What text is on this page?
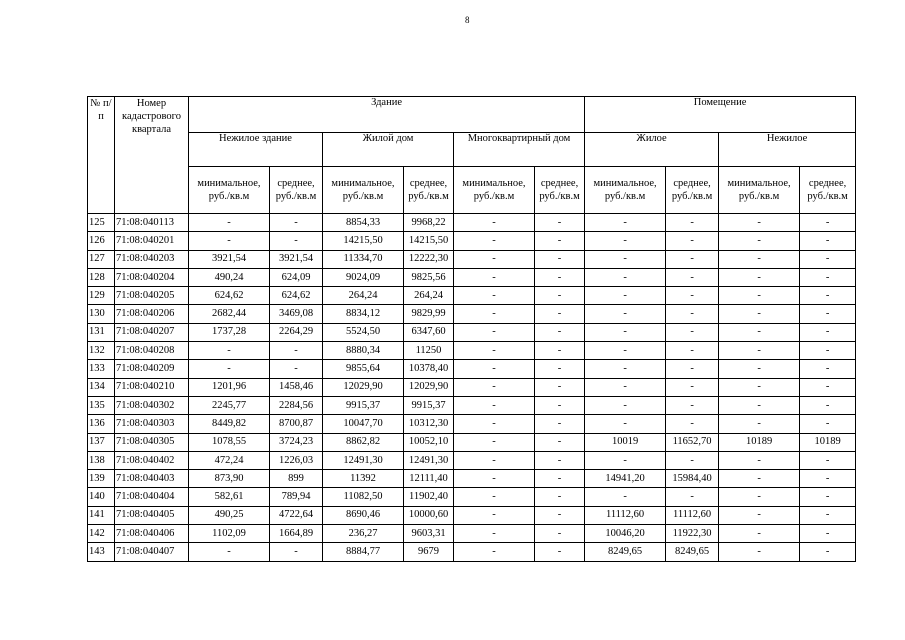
8
№ п/п	Номер кадастрового квартала	Здание						Помещение			
		Нежилое здание		Жилой дом		Многоквартирный дом		Жилое		Нежилое	
		минимальное, руб./кв.м	среднее, руб./кв.м	минимальное, руб./кв.м	среднее, руб./кв.м	минимальное, руб./кв.м	среднее, руб./кв.м	минимальное, руб./кв.м	среднее, руб./кв.м	минимальное, руб./кв.м	среднее, руб./кв.м
125	71:08:040113	-	-	8854,33	9968,22	-	-	-	-	-	-
126	71:08:040201	-	-	14215,50	14215,50	-	-	-	-	-	-
127	71:08:040203	3921,54	3921,54	11334,70	12222,30	-	-	-	-	-	-
128	71:08:040204	490,24	624,09	9024,09	9825,56	-	-	-	-	-	-
129	71:08:040205	624,62	624,62	264,24	264,24	-	-	-	-	-	-
130	71:08:040206	2682,44	3469,08	8834,12	9829,99	-	-	-	-	-	-
131	71:08:040207	1737,28	2264,29	5524,50	6347,60	-	-	-	-	-	-
132	71:08:040208	-	-	8880,34	11250	-	-	-	-	-	-
133	71:08:040209	-	-	9855,64	10378,40	-	-	-	-	-	-
134	71:08:040210	1201,96	1458,46	12029,90	12029,90	-	-	-	-	-	-
135	71:08:040302	2245,77	2284,56	9915,37	9915,37	-	-	-	-	-	-
136	71:08:040303	8449,82	8700,87	10047,70	10312,30	-	-	-	-	-	-
137	71:08:040305	1078,55	3724,23	8862,82	10052,10	-	-	10019	11652,70	10189	10189
138	71:08:040402	472,24	1226,03	12491,30	12491,30	-	-	-	-	-	-
139	71:08:040403	873,90	899	11392	12111,40	-	-	14941,20	15984,40	-	-
140	71:08:040404	582,61	789,94	11082,50	11902,40	-	-	-	-	-	-
141	71:08:040405	490,25	4722,64	8690,46	10000,60	-	-	11112,60	11112,60	-	-
142	71:08:040406	1102,09	1664,89	236,27	9603,31	-	-	10046,20	11922,30	-	-
143	71:08:040407	-	-	8884,77	9679	-	-	8249,65	8249,65	-	-
